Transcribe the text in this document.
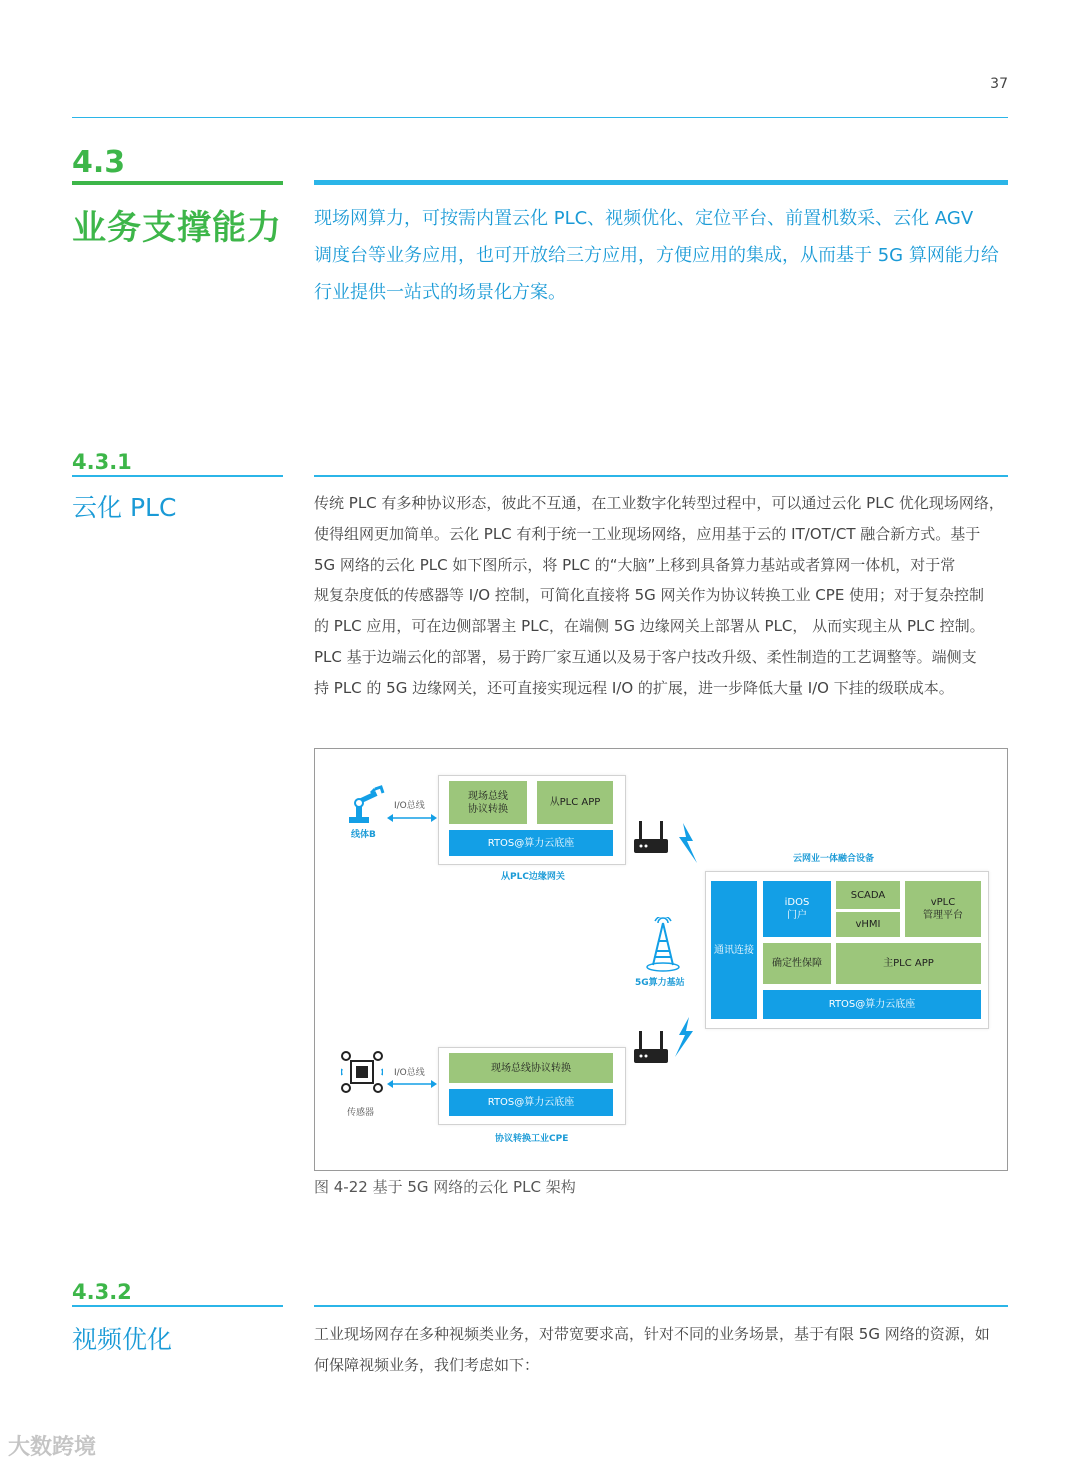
37
4.3
业务支撑能力 现场网算力，可按需内置云化 PLC、视频优化、定位平台、前置机数采、云化 AGV
调度台等业务应用，也可开放给三方应用，方便应用的集成，从而基于 5G 算网能力给
行业提供一站式的场景化方案。
4.3.1
云化 PLC	传统 PLC 有多种协议形态，彼此不互通，在工业数字化转型过程中，可以通过云化 PLC 优化现场网络，
使得组网更加简单。云化 PLC 有利于统一工业现场网络，应用基于云的 IT/OT/CT 融合新方式。基于
5G 网络的云化 PLC 如下图所示，将 PLC 的“大脑”上移到具备算力基站或者算网一体机，对于常
规复杂度低的传感器等 I/O 控制，可简化直接将 5G 网关作为协议转换工业 CPE 使用；对于复杂控制
的 PLC 应用，可在边侧部署主 PLC，在端侧 5G 边缘网关上部署从 PLC， 从而实现主从 PLC 控制。
PLC 基于边端云化的部署，易于跨厂家互通以及易于客户技改升级、柔性制造的工艺调整等。端侧支
持 PLC 的 5G 边缘网关，还可直接实现远程 I/O 的扩展，进一步降低大量 I/O 下挂的级联成本。
线体B
I/O总线
现场总线
协议转换
从PLC APP
RTOS@算力云底座
从PLC边缘网关
云网业一体融合设备
通讯连接
iDOS
门户
SCADA
vHMI
vPLC
管理平台
确定性保障	主PLC APP
RTOS@算力云底座
5G算力基站
传感器
I/O总线	现场总线协议转换
RTOS@算力云底座
协议转换工业CPE
图 4-22 基于 5G 网络的云化 PLC 架构
4.3.2
视频优化	工业现场网存在多种视频类业务，对带宽要求高，针对不同的业务场景，基于有限 5G 网络的资源，如
何保障视频业务，我们考虑如下：
大数跨境
